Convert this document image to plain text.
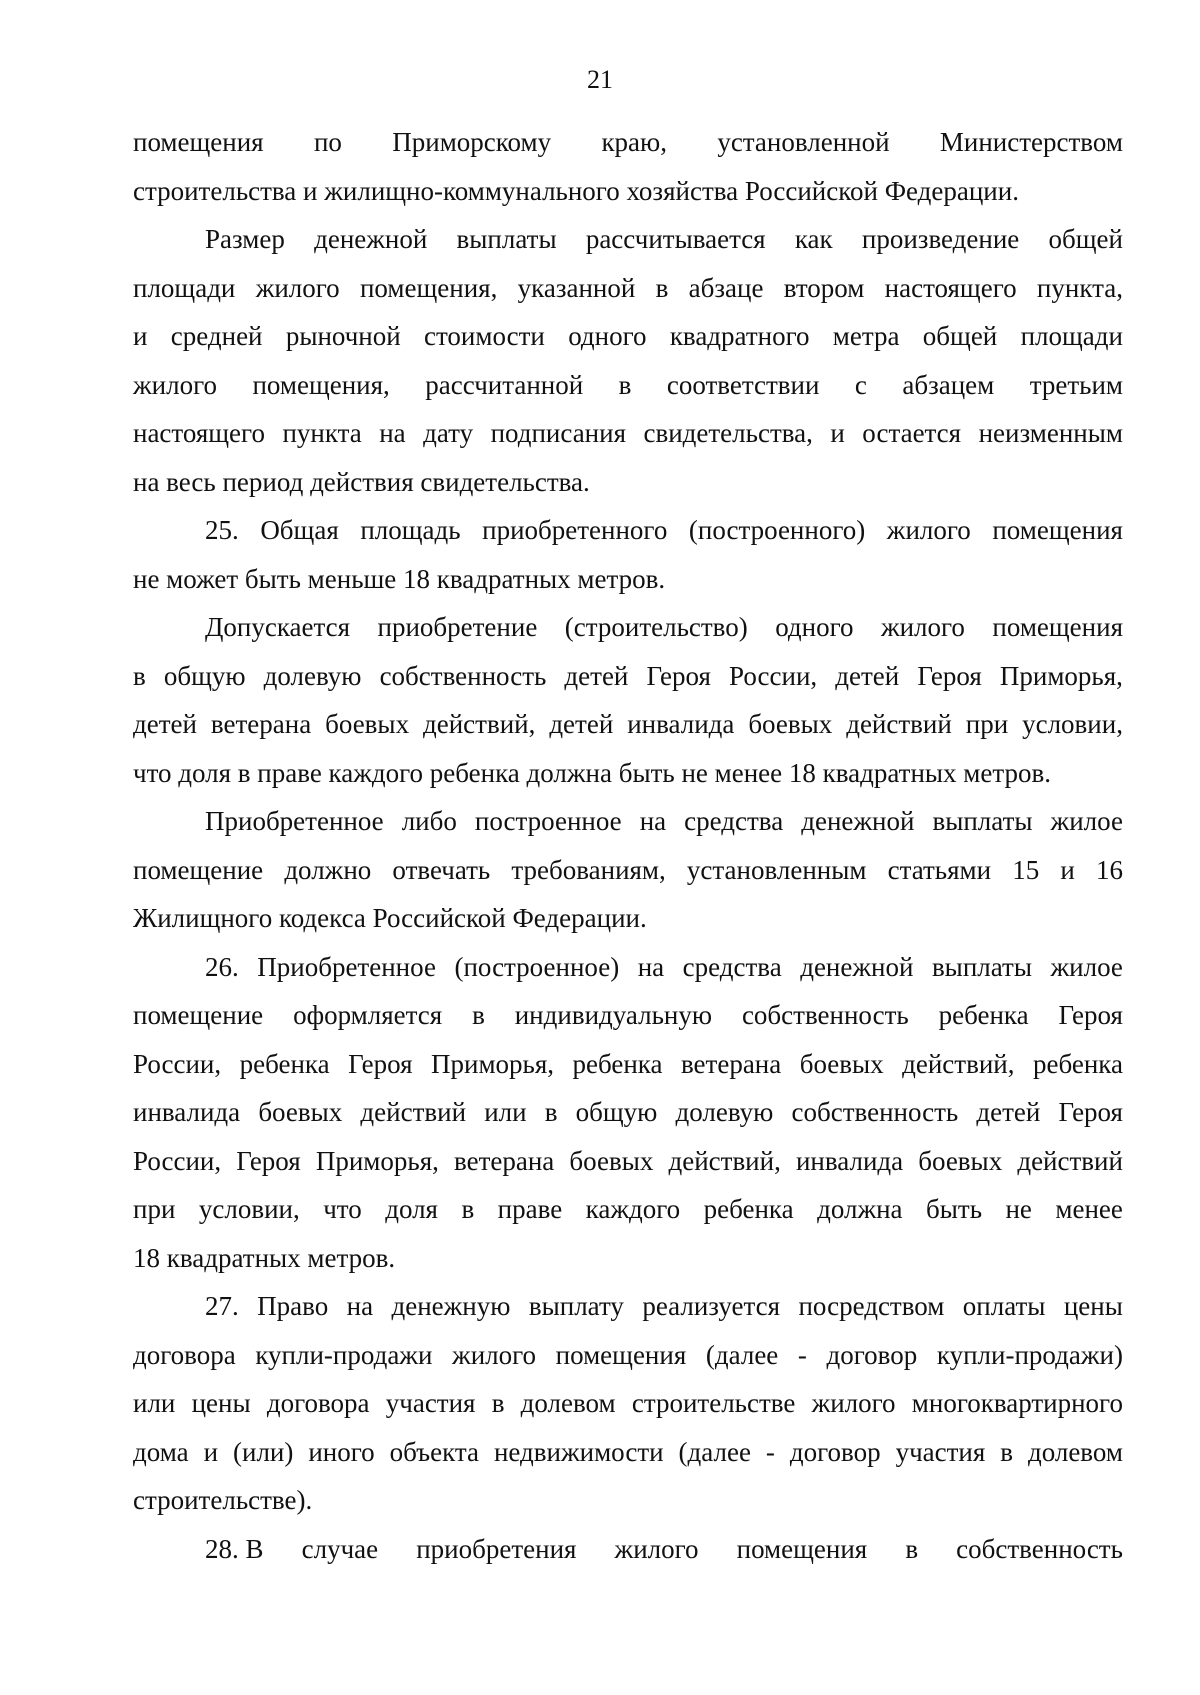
21
помещения по Приморскому краю, установленной Министерством
строительства и жилищно-коммунального хозяйства Российской Федерации.
Размер денежной выплаты рассчитывается как произведение общей
площади жилого помещения, указанной в абзаце втором настоящего пункта,
и средней рыночной стоимости одного квадратного метра общей площади
жилого помещения, рассчитанной в соответствии с абзацем третьим
настоящего пункта на дату подписания свидетельства, и остается неизменным
на весь период действия свидетельства.
25. Общая площадь приобретенного (построенного) жилого помещения
не может быть меньше 18 квадратных метров.
Допускается приобретение (строительство) одного жилого помещения
в общую долевую собственность детей Героя России, детей Героя Приморья,
детей ветерана боевых действий, детей инвалида боевых действий при условии,
что доля в праве каждого ребенка должна быть не менее 18 квадратных метров.
Приобретенное либо построенное на средства денежной выплаты жилое
помещение должно отвечать требованиям, установленным статьями 15 и 16
Жилищного кодекса Российской Федерации.
26. Приобретенное (построенное) на средства денежной выплаты жилое
помещение оформляется в индивидуальную собственность ребенка Героя
России, ребенка Героя Приморья, ребенка ветерана боевых действий, ребенка
инвалида боевых действий или в общую долевую собственность детей Героя
России, Героя Приморья, ветерана боевых действий, инвалида боевых действий
при условии, что доля в праве каждого ребенка должна быть не менее
18 квадратных метров.
27. Право на денежную выплату реализуется посредством оплаты цены
договора купли-продажи жилого помещения (далее - договор купли-продажи)
или цены договора участия в долевом строительстве жилого многоквартирного
дома и (или) иного объекта недвижимости (далее - договор участия в долевом
строительстве).
28. В случае приобретения жилого помещения в собственность
